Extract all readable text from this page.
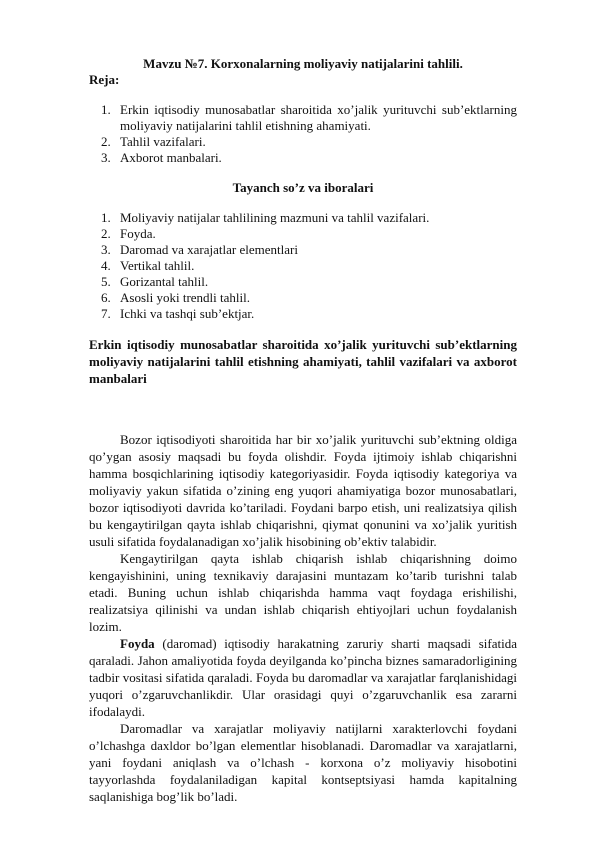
Mavzu №7. Korxonalarning moliyaviy natijalarini tahlili.
Reja:
1. Erkin iqtisodiy munosabatlar sharoitida xo’jalik yurituvchi sub’ektlarning moliyaviy natijalarini tahlil etishning ahamiyati.
2. Tahlil vazifalari.
3. Axborot manbalari.
Tayanch so’z va iboralari
1. Moliyaviy natijalar tahlilining mazmuni va tahlil vazifalari.
2. Foyda.
3. Daromad va xarajatlar elementlari
4. Vertikal tahlil.
5. Gorizantal tahlil.
6. Asosli yoki trendli tahlil.
7. Ichki va tashqi sub’ektjar.
Erkin iqtisodiy munosabatlar sharoitida xo’jalik yurituvchi sub’ektlarning moliyaviy natijalarini tahlil etishning ahamiyati, tahlil vazifalari va axborot manbalari

Bozor iqtisodiyoti sharoitida har bir xo’jalik yurituvchi sub’ektning oldiga qo’ygan asosiy maqsadi bu foyda olishdir. Foyda ijtimoiy ishlab chiqarishni hamma bosqichlarining iqtisodiy kategoriyasidir. Foyda iqtisodiy kategoriya va moliyaviy yakun sifatida o’zining eng yuqori ahamiyatiga bozor munosabatlari, bozor iqtisodiyoti davrida ko’tariladi. Foydani barpo etish, uni realizatsiya qilish bu kengaytirilgan qayta ishlab chiqarishni, qiymat qonunini va xo’jalik yuritish usuli sifatida foydalanadigan xo’jalik hisobining ob’ektiv talabidir.

Kengaytirilgan qayta ishlab chiqarish ishlab chiqarishning doimo kengayishinini, uning texnikaviy darajasini muntazam ko’tarib turishni talab etadi. Buning uchun ishlab chiqarishda hamma vaqt foydaga erishilishi, realizatsiya qilinishi va undan ishlab chiqarish ehtiyojlari uchun foydalanish lozim.

Foyda (daromad) iqtisodiy harakatning zaruriy sharti maqsadi sifatida qaraladi. Jahon amaliyotida foyda deyilganda ko’pincha biznes samaradorligining tadbir vositasi sifatida qaraladi. Foyda bu daromadlar va xarajatlar farqlanishidagi yuqori o’zgaruvchanlikdir. Ular orasidagi quyi o’zgaruvchanlik esa zararni ifodalaydi.

Daromadlar va xarajatlar moliyaviy natijlarni xarakterlovchi foydani o’lchashga daxldor bo’lgan elementlar hisoblanadi. Daromadlar va xarajatlarni, yani foydani aniqlash va o’lchash - korxona o’z moliyaviy hisobotini tayyorlashda foydalaniladigan kapital kontseptsiyasi hamda kapitalning saqlanishiga bog’lik bo’ladi.
